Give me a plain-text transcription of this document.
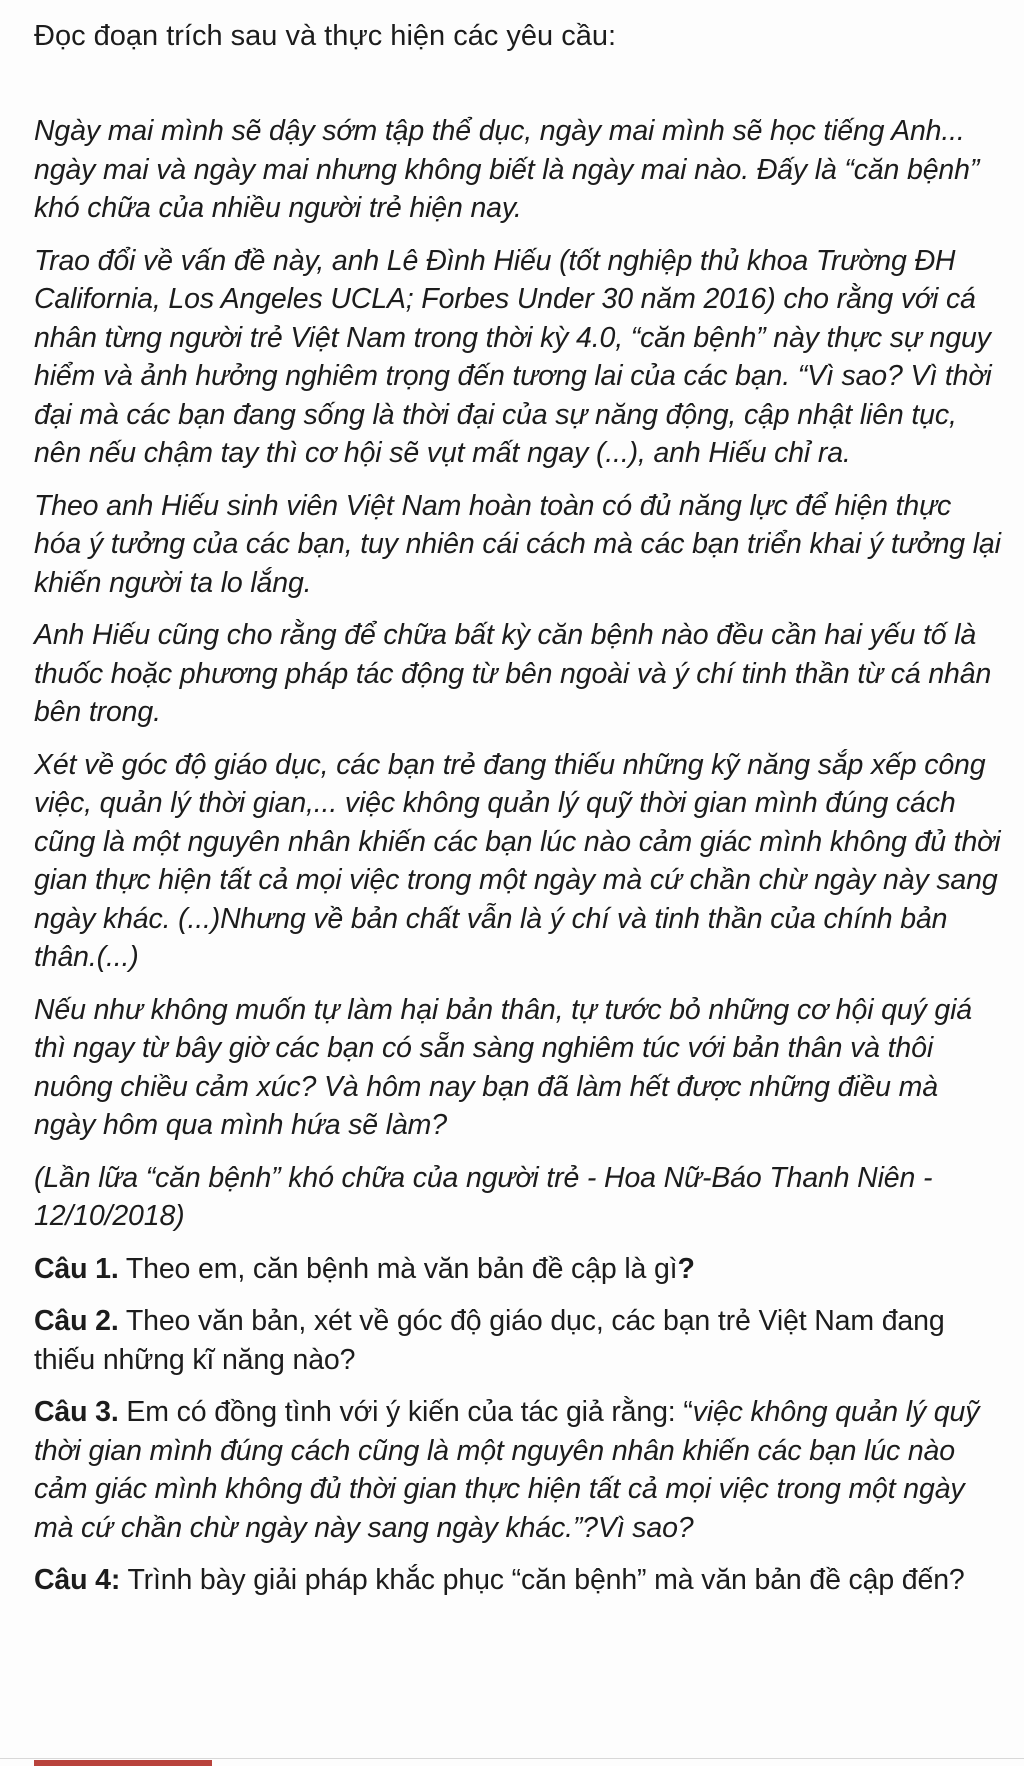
Đọc đoạn trích sau và thực hiện các yêu cầu:

Ngày mai mình sẽ dậy sớm tập thể dục, ngày mai mình sẽ học tiếng Anh... ngày mai và ngày mai nhưng không biết là ngày mai nào. Đấy là “căn bệnh” khó chữa của nhiều người trẻ hiện nay.

Trao đổi về vấn đề này, anh Lê Đình Hiếu (tốt nghiệp thủ khoa Trường ĐH California, Los Angeles UCLA; Forbes Under 30 năm 2016) cho rằng với cá nhân từng người trẻ Việt Nam trong thời kỳ 4.0, “căn bệnh” này thực sự nguy hiểm và ảnh hưởng nghiêm trọng đến tương lai của các bạn. “Vì sao? Vì thời đại mà các bạn đang sống là thời đại của sự năng động, cập nhật liên tục, nên nếu chậm tay thì cơ hội sẽ vụt mất ngay (...), anh Hiếu chỉ ra.

Theo anh Hiếu sinh viên Việt Nam hoàn toàn có đủ năng lực để hiện thực hóa ý tưởng của các bạn, tuy nhiên cái cách mà các bạn triển khai ý tưởng lại khiến người ta lo lắng.

Anh Hiếu cũng cho rằng để chữa bất kỳ căn bệnh nào đều cần hai yếu tố là thuốc hoặc phương pháp tác động từ bên ngoài và ý chí tinh thần từ cá nhân bên trong.

Xét về góc độ giáo dục, các bạn trẻ đang thiếu những kỹ năng sắp xếp công việc, quản lý thời gian,... việc không quản lý quỹ thời gian mình đúng cách cũng là một nguyên nhân khiến các bạn lúc nào cảm giác mình không đủ thời gian thực hiện tất cả mọi việc trong một ngày mà cứ chần chừ ngày này sang ngày khác. (...)Nhưng về bản chất vẫn là ý chí và tinh thần của chính bản thân.(...)

Nếu như không muốn tự làm hại bản thân, tự tước bỏ những cơ hội quý giá thì ngay từ bây giờ các bạn có sẵn sàng nghiêm túc với bản thân và thôi nuông chiều cảm xúc? Và hôm nay bạn đã làm hết được những điều mà ngày hôm qua mình hứa sẽ làm?

(Lần lữa “căn bệnh” khó chữa của người trẻ - Hoa Nữ-Báo Thanh Niên - 12/10/2018)

Câu 1. Theo em, căn bệnh mà văn bản đề cập là gì?

Câu 2. Theo văn bản, xét về góc độ giáo dục, các bạn trẻ Việt Nam đang thiếu những kĩ năng nào?

Câu 3. Em có đồng tình với ý kiến của tác giả rằng: “việc không quản lý quỹ thời gian mình đúng cách cũng là một nguyên nhân khiến các bạn lúc nào cảm giác mình không đủ thời gian thực hiện tất cả mọi việc trong một ngày mà cứ chần chừ ngày này sang ngày khác.”?Vì sao?

Câu 4: Trình bày giải pháp khắc phục “căn bệnh” mà văn bản đề cập đến?
